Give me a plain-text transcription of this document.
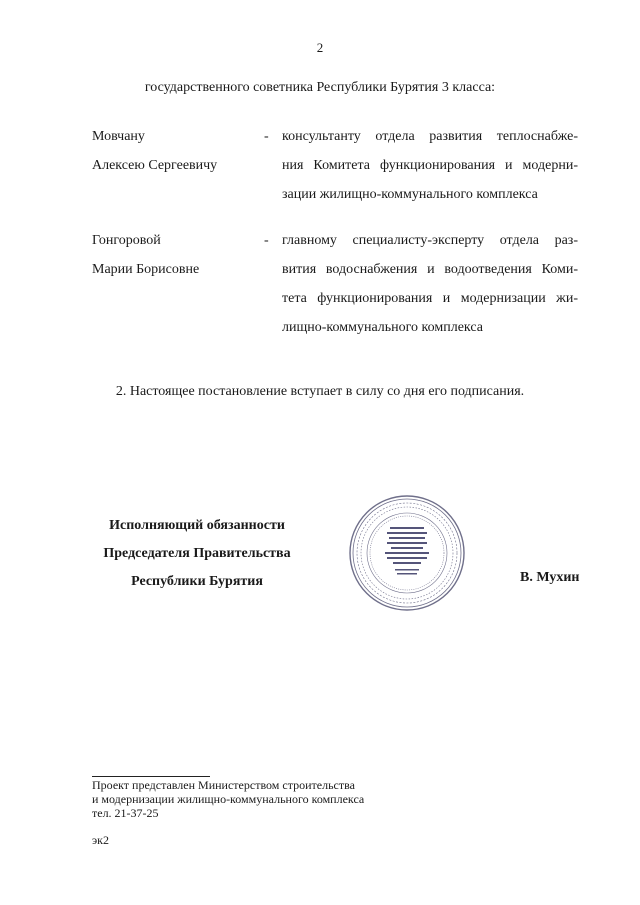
2
государственного советника Республики Бурятия 3 класса:
Мовчану
Алексею Сергеевичу
- консультанту отдела развития теплоснабже-
ния Комитета функционирования и модерни-
зации жилищно-коммунального комплекса
Гонгоровой
Марии Борисовне
- главному специалисту-эксперту отдела раз-
вития водоснабжения и водоотведения Коми-
тета функционирования и модернизации жи-
лищно-коммунального комплекса
2. Настоящее постановление вступает в силу со дня его подписания.
Исполняющий обязанности
Председателя Правительства
Республики Бурятия	В. Мухин
Проект представлен Министерством строительства
и модернизации жилищно-коммунального комплекса
тел. 21-37-25
эк2
